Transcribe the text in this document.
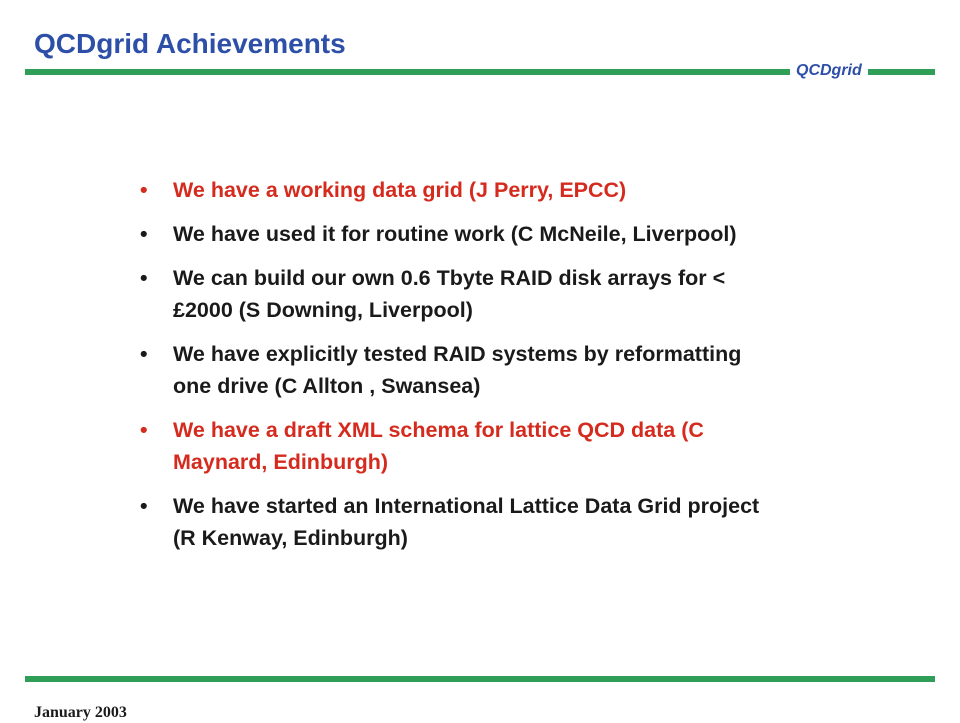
QCDgrid Achievements
QCDgrid
•	We have a working data grid (J Perry, EPCC)
•	We have used it for routine work (C McNeile, Liverpool)
•	We can build our own 0.6 Tbyte RAID disk arrays for < £2000 (S Downing, Liverpool)
•	We have explicitly tested RAID systems by reformatting one drive (C Allton , Swansea)
•	We have a draft XML schema for lattice QCD data (C Maynard, Edinburgh)
•	We have started an International Lattice Data Grid project (R Kenway, Edinburgh)
January 2003
